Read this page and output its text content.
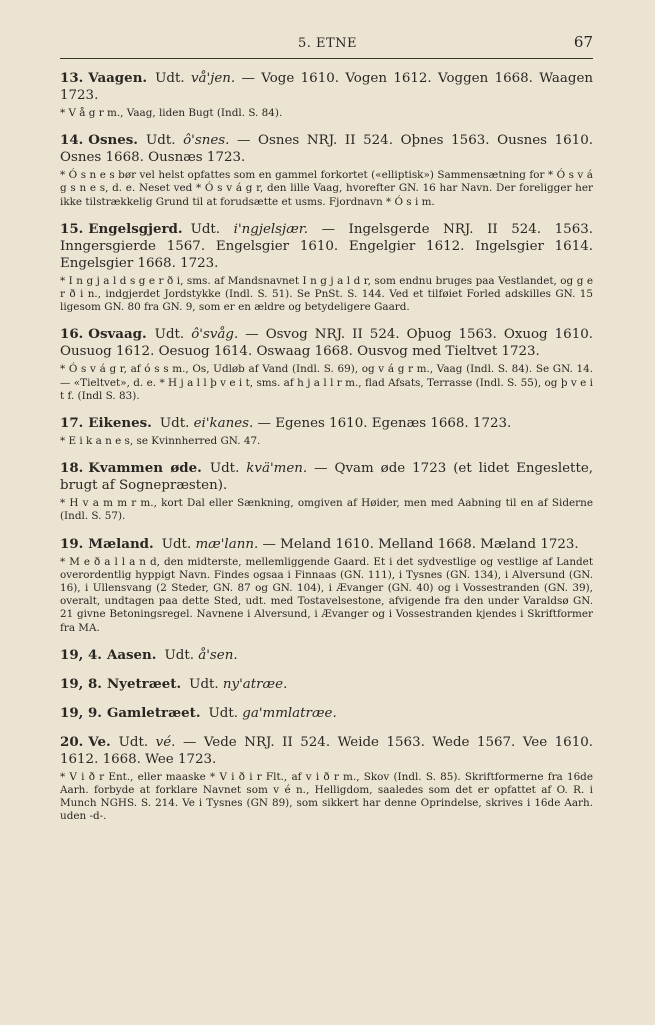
5. ETNE	67
13. Vaagen. Udt. vå'jen. — Voge 1610. Vogen 1612. Voggen 1668. Waagen 1723.
* V å g r m., Vaag, liden Bugt (Indl. S. 84).
14. Osnes. Udt. ô'snes. — Osnes NRJ. II 524. Oþnes 1563. Ousnes 1610. Osnes 1668. Ousnæs 1723.
* Ó s n e s bør vel helst opfattes som en gammel forkortet («elliptisk») Sammensætning for * Ó s v á g s n e s, d. e. Neset ved * Ó s v á g r, den lille Vaag, hvorefter GN. 16 har Navn. Der foreligger her ikke tilstrækkelig Grund til at forudsætte et usms. Fjordnavn * Ó s i m.
15. Engelsgjerd. Udt. i'ngjelsjær. — Ingelsgerde NRJ. II 524. 1563. Inngersgierde 1567. Engelsgier 1610. Engelgier 1612. Ingelsgier 1614. Engelsgier 1668. 1723.
* I n g j a l d s g e r ð i, sms. af Mandsnavnet I n g j a l d r, som endnu bruges paa Vestlandet, og g e r ð i n., indgjerdet Jordstykke (Indl. S. 51). Se PnSt. S. 144. Ved et tilføiet Forled adskilles GN. 15 ligesom GN. 80 fra GN. 9, som er en ældre og betydeligere Gaard.
16. Osvaag. Udt. ô'svåg. — Osvog NRJ. II 524. Oþuog 1563. Oxuog 1610. Ousuog 1612. Oesuog 1614. Oswaag 1668. Ousvog med Tieltvet 1723.
* Ó s v á g r, af ó s s m., Os, Udløb af Vand (Indl. S. 69), og v á g r m., Vaag (Indl. S. 84). Se GN. 14. — «Tieltvet», d. e. * H j a l l þ v e i t, sms. af h j a l l r m., flad Afsats, Terrasse (Indl. S. 55), og þ v e i t f. (Indl S. 83).
17. Eikenes. Udt. ei'kanes. — Egenes 1610. Egenæs 1668. 1723.
* E i k a n e s, se Kvinnherred GN. 47.
18. Kvammen øde. Udt. kvä'men. — Qvam øde 1723 (et lidet Engeslette, brugt af Sognepræsten).
* H v a m m r m., kort Dal eller Sænkning, omgiven af Høider, men med Aabning til en af Siderne (Indl. S. 57).
19. Mæland. Udt. mæ'lann. — Meland 1610. Melland 1668. Mæland 1723.
* M e ð a l l a n d, den midterste, mellemliggende Gaard. Et i det sydvestlige og vestlige af Landet overordentlig hyppigt Navn. Findes ogsaa i Finnaas (GN. 111), i Tysnes (GN. 134), i Alversund (GN. 16), i Ullensvang (2 Steder, GN. 87 og GN. 104), i Ævanger (GN. 40) og i Vossestranden (GN. 39), overalt, undtagen paa dette Sted, udt. med Tostavelsestone, afvigende fra den under Varaldsø GN. 21 givne Betoningsregel. Navnene i Alversund, i Ævanger og i Vossestranden kjendes i Skriftformer fra MA.
19, 4. Aasen. Udt. å'sen.
19, 8. Nyetræet. Udt. ny'atræe.
19, 9. Gamletræet. Udt. ga'mmlatræe.
20. Ve. Udt. vé. — Vede NRJ. II 524. Weide 1563. Wede 1567. Vee 1610. 1612. 1668. Wee 1723.
* V i ð r Ent., eller maaske * V i ð i r Flt., af v i ð r m., Skov (Indl. S. 85). Skriftformerne fra 16de Aarh. forbyde at forklare Navnet som v é n., Helligdom, saaledes som det er opfattet af O. R. i Munch NGHS. S. 214. Ve i Tysnes (GN 89), som sikkert har denne Oprindelse, skrives i 16de Aarh. uden -d-.
